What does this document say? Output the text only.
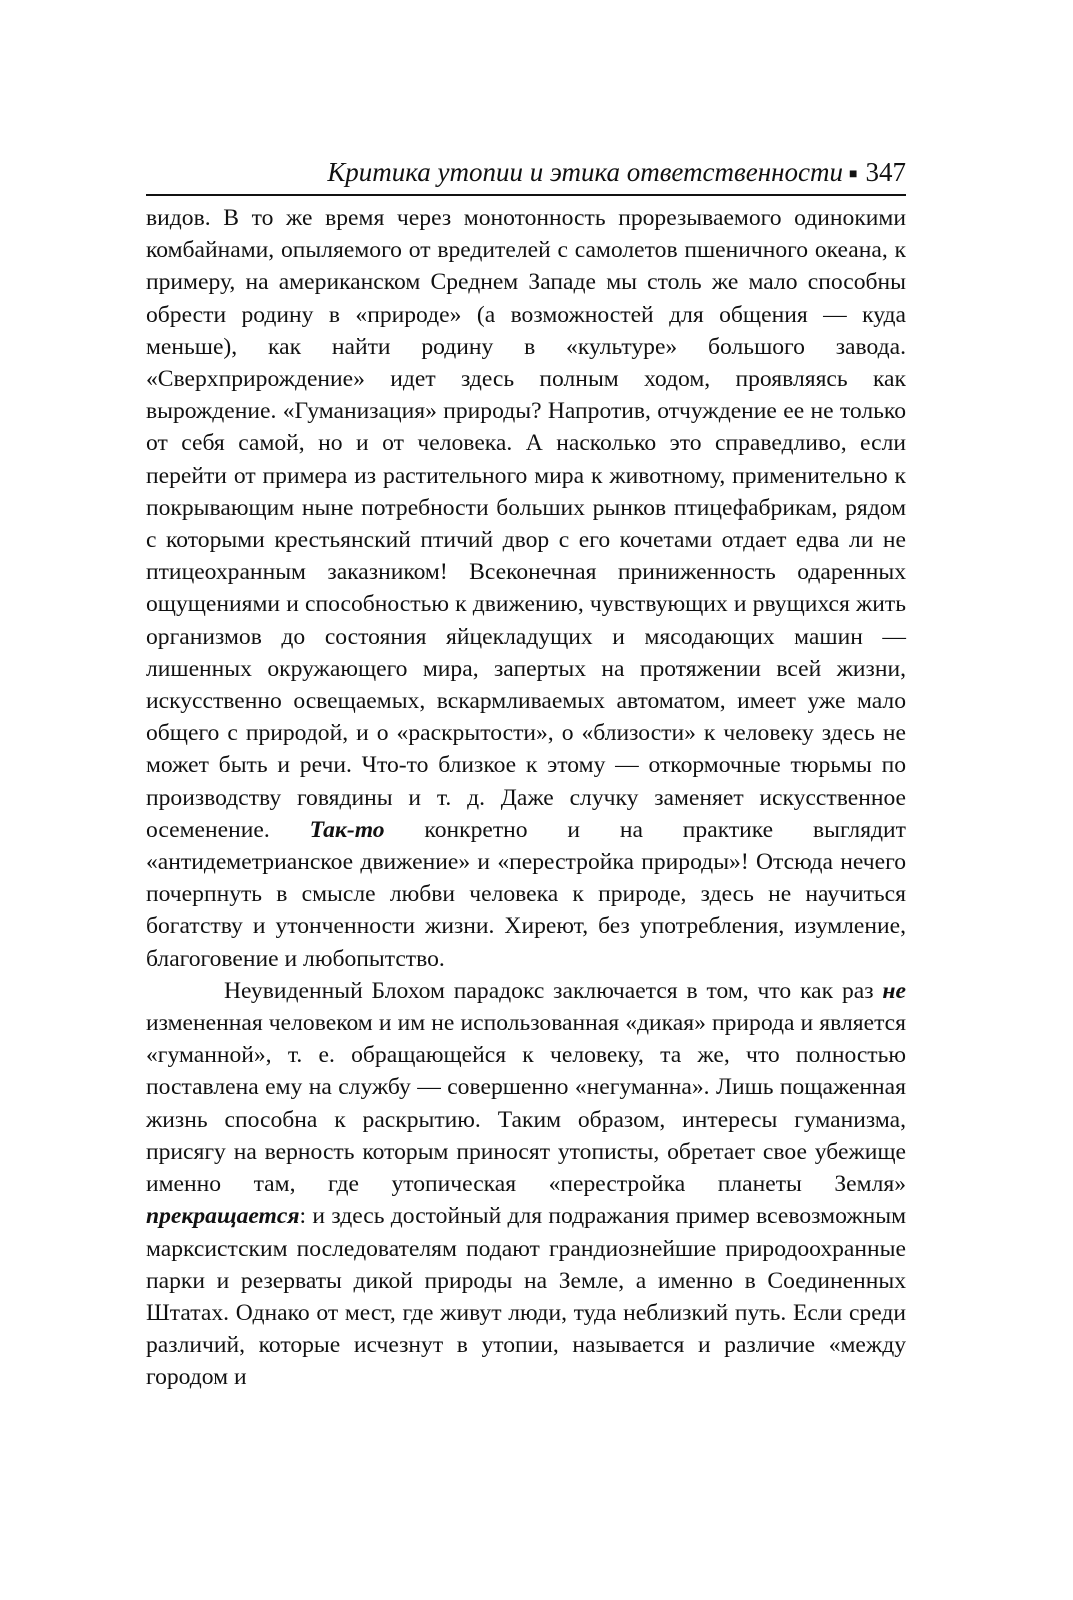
Критика утопии и этика ответственности ■ 347

видов. В то же время через монотонность прорезываемого одинокими комбайнами, опыляемого от вредителей с самолетов пшеничного океана, к примеру, на американском Среднем Западе мы столь же мало способны обрести родину в «природе» (а возможностей для общения — куда меньше), как найти родину в «культуре» большого завода. «Сверхприрождение» идет здесь полным ходом, проявляясь как вырождение. «Гуманизация» природы? Напротив, отчуждение ее не только от себя самой, но и от человека. А насколько это справедливо, если перейти от примера из растительного мира к животному, применительно к покрывающим ныне потребности больших рынков птицефабрикам, рядом с которыми крестьянский птичий двор с его кочетами отдает едва ли не птицеохранным заказником! Всеконечная приниженность одаренных ощущениями и способностью к движению, чувствующих и рвущихся жить организмов до состояния яйцекладущих и мясодающих машин — лишенных окружающего мира, запертых на протяжении всей жизни, искусственно освещаемых, вскармливаемых автоматом, имеет уже мало общего с природой, и о «раскрытости», о «близости» к человеку здесь не может быть и речи. Что-то близкое к этому — откормочные тюрьмы по производству говядины и т. д. Даже случку заменяет искусственное осеменение. Так-то конкретно и на практике выглядит «антидеметрианское движение» и «перестройка природы»! Отсюда нечего почерпнуть в смысле любви человека к природе, здесь не научиться богатству и утонченности жизни. Хиреют, без употребления, изумление, благоговение и любопытство.

Неувиденный Блохом парадокс заключается в том, что как раз не измененная человеком и им не использованная «дикая» природа и является «гуманной», т. е. обращающейся к человеку, та же, что полностью поставлена ему на службу — совершенно «негуманна». Лишь пощаженная жизнь способна к раскрытию. Таким образом, интересы гуманизма, присягу на верность которым приносят утописты, обретает свое убежище именно там, где утопическая «перестройка планеты Земля» прекращается: и здесь достойный для подражания пример всевозможным марксистским последователям подают грандиознейшие природоохранные парки и резерваты дикой природы на Земле, а именно в Соединенных Штатах. Однако от мест, где живут люди, туда неблизкий путь. Если среди различий, которые исчезнут в утопии, называется и различие «между городом и
